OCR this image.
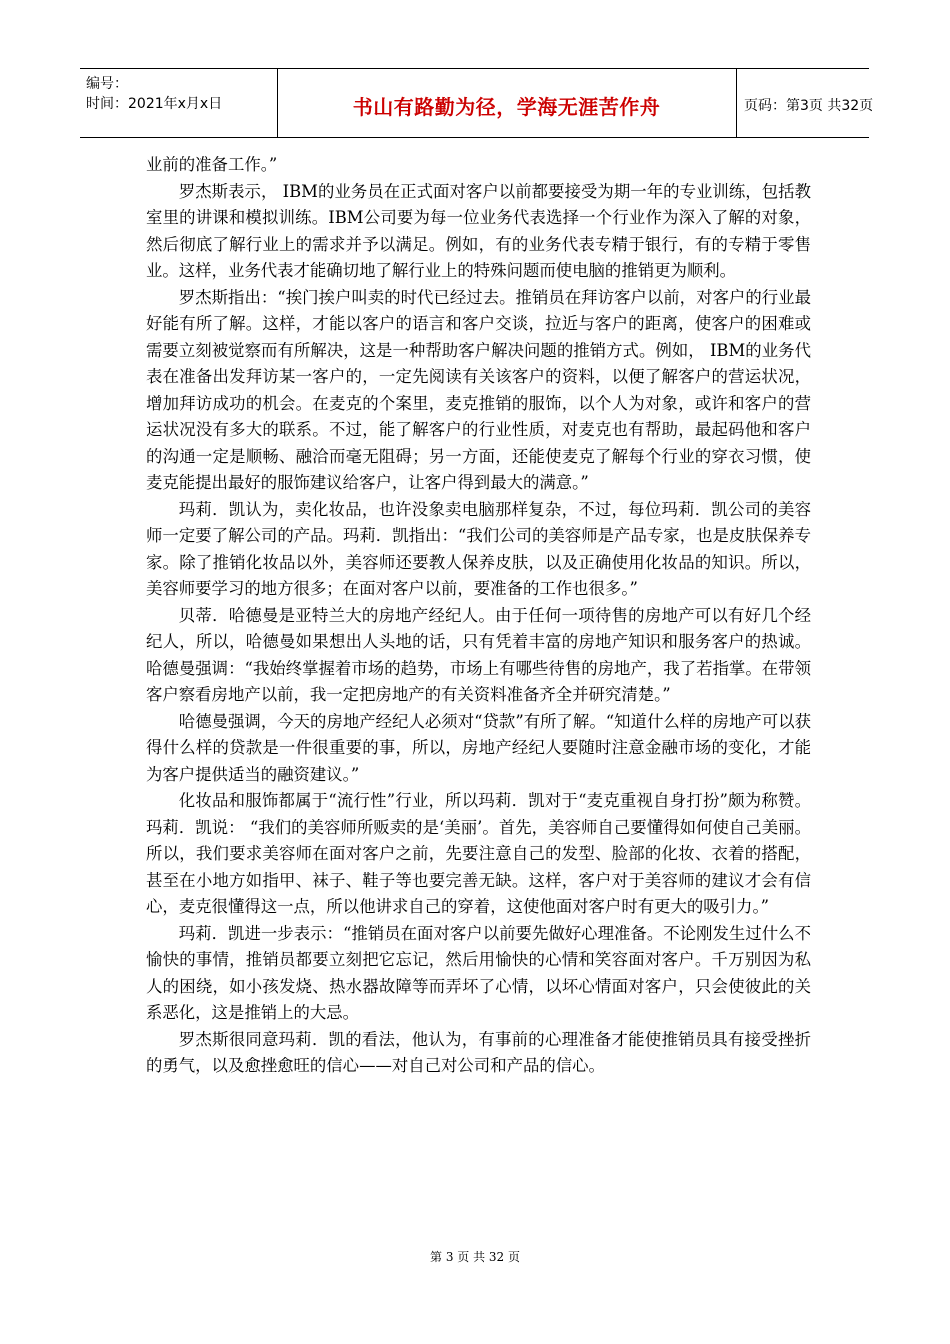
编号：
时间：2021年x月x日	书山有路勤为径，学海无涯苦作舟	页码：第3页 共32页

业前的准备工作。”

罗杰斯表示， IBM的业务员在正式面对客户以前都要接受为期一年的专业训练，包括教室里的讲课和模拟训练。IBM公司要为每一位业务代表选择一个行业作为深入了解的对象，然后彻底了解行业上的需求并予以满足。例如，有的业务代表专精于银行，有的专精于零售业。这样，业务代表才能确切地了解行业上的特殊问题而使电脑的推销更为顺利。

罗杰斯指出：“挨门挨户叫卖的时代已经过去。推销员在拜访客户以前，对客户的行业最好能有所了解。这样，才能以客户的语言和客户交谈，拉近与客户的距离，使客户的困难或需要立刻被觉察而有所解决，这是一种帮助客户解决问题的推销方式。例如， IBM的业务代表在准备出发拜访某一客户的，一定先阅读有关该客户的资料，以便了解客户的营运状况，增加拜访成功的机会。在麦克的个案里，麦克推销的服饰，以个人为对象，或许和客户的营运状况没有多大的联系。不过，能了解客户的行业性质，对麦克也有帮助，最起码他和客户的沟通一定是顺畅、融洽而毫无阻碍；另一方面，还能使麦克了解每个行业的穿衣习惯，使麦克能提出最好的服饰建议给客户，让客户得到最大的满意。”

玛莉．凯认为，卖化妆品，也许没象卖电脑那样复杂，不过，每位玛莉．凯公司的美容师一定要了解公司的产品。玛莉．凯指出：“我们公司的美容师是产品专家，也是皮肤保养专家。除了推销化妆品以外，美容师还要教人保养皮肤，以及正确使用化妆品的知识。所以，美容师要学习的地方很多；在面对客户以前，要准备的工作也很多。”

贝蒂．哈德曼是亚特兰大的房地产经纪人。由于任何一项待售的房地产可以有好几个经纪人，所以，哈德曼如果想出人头地的话，只有凭着丰富的房地产知识和服务客户的热诚。哈德曼强调：“我始终掌握着市场的趋势，市场上有哪些待售的房地产，我了若指掌。在带领客户察看房地产以前，我一定把房地产的有关资料准备齐全并研究清楚。”

哈德曼强调，今天的房地产经纪人必须对“贷款”有所了解。“知道什么样的房地产可以获得什么样的贷款是一件很重要的事，所以，房地产经纪人要随时注意金融市场的变化，才能为客户提供适当的融资建议。”

化妆品和服饰都属于“流行性”行业，所以玛莉．凯对于“麦克重视自身打扮”颇为称赞。玛莉．凯说： “我们的美容师所贩卖的是‘美丽’。首先，美容师自己要懂得如何使自己美丽。所以，我们要求美容师在面对客户之前，先要注意自己的发型、脸部的化妆、衣着的搭配，甚至在小地方如指甲、袜子、鞋子等也要完善无缺。这样，客户对于美容师的建议才会有信心，麦克很懂得这一点，所以他讲求自己的穿着，这使他面对客户时有更大的吸引力。”

玛莉．凯进一步表示：“推销员在面对客户以前要先做好心理准备。不论刚发生过什么不愉快的事情，推销员都要立刻把它忘记，然后用愉快的心情和笑容面对客户。千万别因为私人的困绕，如小孩发烧、热水器故障等而弄坏了心情，以坏心情面对客户，只会使彼此的关系恶化，这是推销上的大忌。

罗杰斯很同意玛莉．凯的看法，他认为，有事前的心理准备才能使推销员具有接受挫折的勇气，以及愈挫愈旺的信心——对自己对公司和产品的信心。

第 3 页 共 32 页
